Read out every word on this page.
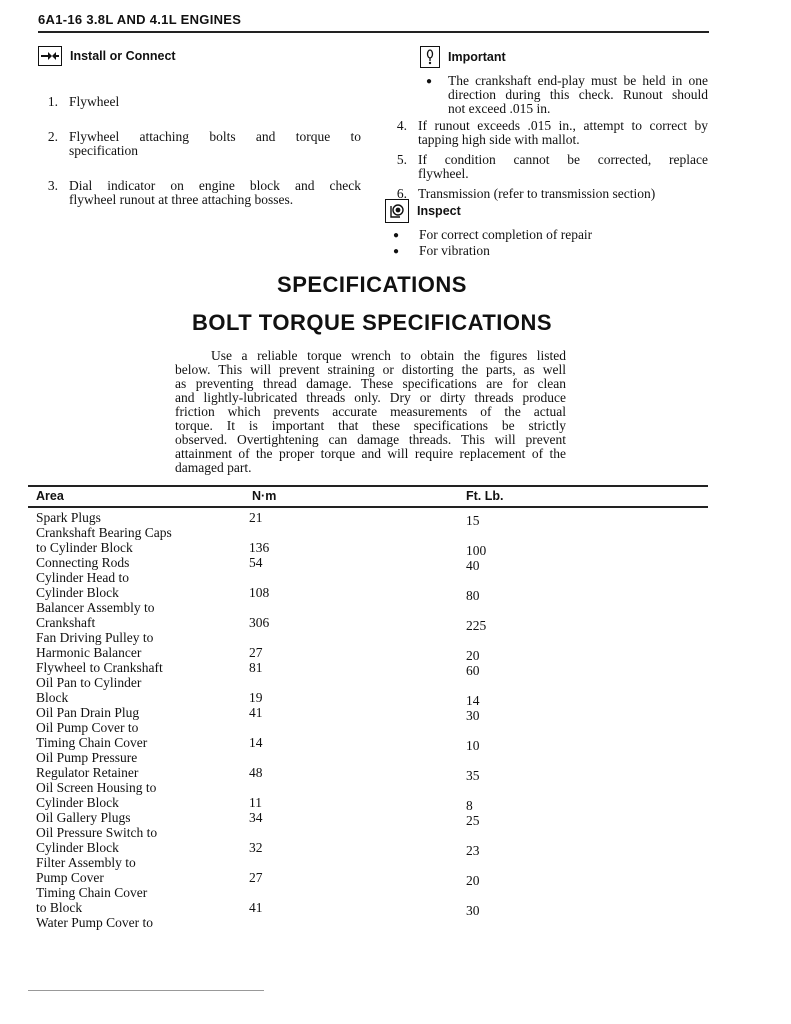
6A1-16 3.8L AND 4.1L ENGINES
Install or Connect
1. Flywheel
2. Flywheel attaching bolts and torque to
specification
3. Dial indicator on engine block and check
flywheel runout at three attaching bosses.
Important
● The crankshaft end-play must be held in one
direction during this check. Runout should
not exceed .015 in.
4. If runout exceeds .015 in., attempt to correct by
tapping high side with mallot.
5. If condition cannot be corrected, replace
flywheel.
6. Transmission (refer to transmission section)
Inspect
●	For correct completion of repair
●	For vibration
SPECIFICATIONS
BOLT TORQUE SPECIFICATIONS
Use a reliable torque wrench to obtain the figures listed
below. This will prevent straining or distorting the parts, as well
as preventing thread damage. These specifications are for clean
and lightly-lubricated threads only. Dry or dirty threads produce
friction which prevents accurate measurements of the actual
torque. It is important that these specifications be strictly
observed. Overtightening can damage threads. This will prevent
attainment of the proper torque and will require replacement of the
damaged part.
Area	N·m	Ft. Lb.
Spark Plugs	21	15
Crankshaft Bearing Caps
to Cylinder Block	136	100
Connecting Rods	54	40
Cylinder Head to
Cylinder Block	108	80
Balancer Assembly to
Crankshaft	306	225
Fan Driving Pulley to
Harmonic Balancer	27	20
Flywheel to Crankshaft	81	60
Oil Pan to Cylinder
Block	19	14
Oil Pan Drain Plug	41	30
Oil Pump Cover to
Timing Chain Cover	14	10
Oil Pump Pressure
Regulator Retainer	48	35
Oil Screen Housing to
Cylinder Block	11	8
Oil Gallery Plugs	34	25
Oil Pressure Switch to
Cylinder Block	32	23
Filter Assembly to
Pump Cover	27	20
Timing Chain Cover
to Block	41	30
Water Pump Cover to
